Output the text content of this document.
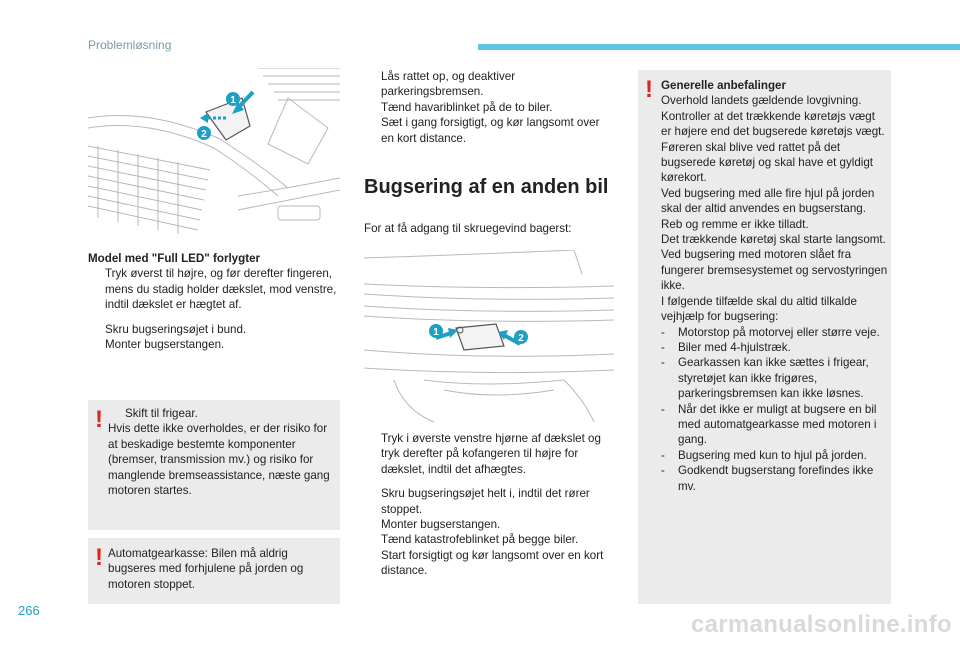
Problemløsning
1
2

Model med "Full LED" forlygter

Tryk øverst til højre, og før derefter fingeren, mens du stadig holder dækslet, mod venstre, indtil dækslet er hægtet af.
Skru bugseringsøjet i bund.
Monter bugserstangen.
!	Skift til frigear.

Hvis dette ikke overholdes, er der risiko for at beskadige bestemte komponenter (bremser, transmission mv.) og risiko for manglende bremseassistance, næste gang motoren startes.

! Automatgearkasse: Bilen må aldrig bugseres med forhjulene på jorden og motoren stoppet.

Lås rattet op, og deaktiver parkeringsbremsen.
Tænd havariblinket på de to biler.
Sæt i gang forsigtigt, og kør langsomt over en kort distance.
Bugsering af en anden bil

For at få adgang til skruegevind bagerst:

1
2
Tryk i øverste venstre hjørne af dækslet og tryk derefter på kofangeren til højre for dækslet, indtil det afhægtes.
Skru bugseringsøjet helt i, indtil det rører stoppet.
Monter bugserstangen.
Tænd katastrofeblinket på begge biler.
Start forsigtigt og kør langsomt over en kort distance.
! Generelle anbefalinger

Overhold landets gældende lovgivning.

Kontroller at det trækkende køretøjs vægt er højere end det bugserede køretøjs vægt.

Føreren skal blive ved rattet på det bugserede køretøj og skal have et gyldigt kørekort.

Ved bugsering med alle fire hjul på jorden skal der altid anvendes en bugserstang. Reb og remme er ikke tilladt.

Det trækkende køretøj skal starte langsomt.

Ved bugsering med motoren slået fra fungerer bremsesystemet og servostyringen ikke.

I følgende tilfælde skal du altid tilkalde vejhjælp for bugsering:

- Motorstop på motorvej eller større veje.
- Biler med 4-hjulstræk.
- Gearkassen kan ikke sættes i frigear, styretøjet kan ikke frigøres, parkeringsbremsen kan ikke løsnes.
- Når det ikke er muligt at bugsere en bil med automatgearkasse med motoren i gang.
- Bugsering med kun to hjul på jorden.
- Godkendt bugserstang forefindes ikke mv.
266
carmanualsonline.info
